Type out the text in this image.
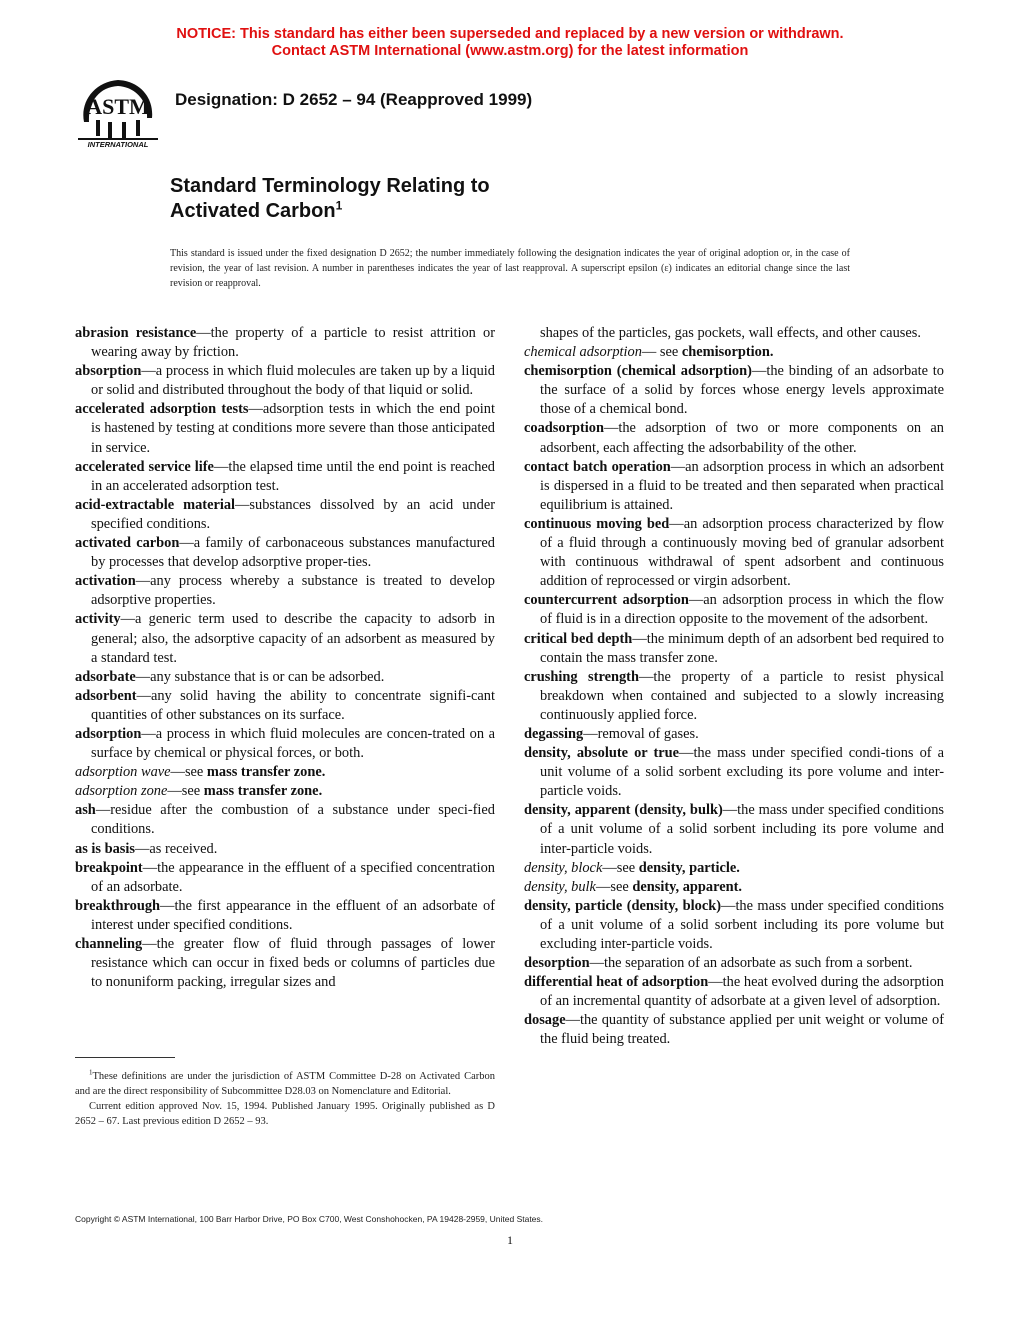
NOTICE: This standard has either been superseded and replaced by a new version or withdrawn.
Contact ASTM International (www.astm.org) for the latest information
ASTM
INTERNATIONAL
Designation: D 2652 – 94 (Reapproved 1999)
Standard Terminology Relating to
Activated Carbon$^1$
This standard is issued under the fixed designation D 2652; the number immediately following the designation indicates the year of original adoption or, in the case of revision, the year of last revision. A number in parentheses indicates the year of last reapproval. A superscript epsilon (ε) indicates an editorial change since the last revision or reapproval.
abrasion resistance—the property of a particle to resist attrition or wearing away by friction.
absorption—a process in which fluid molecules are taken up by a liquid or solid and distributed throughout the body of that liquid or solid.
accelerated adsorption tests—adsorption tests in which the end point is hastened by testing at conditions more severe than those anticipated in service.
accelerated service life—the elapsed time until the end point is reached in an accelerated adsorption test.
acid-extractable material—substances dissolved by an acid under specified conditions.
activated carbon—a family of carbonaceous substances manufactured by processes that develop adsorptive proper-ties.
activation—any process whereby a substance is treated to develop adsorptive properties.
activity—a generic term used to describe the capacity to adsorb in general; also, the adsorptive capacity of an adsorbent as measured by a standard test.
adsorbate—any substance that is or can be adsorbed.
adsorbent—any solid having the ability to concentrate signifi-cant quantities of other substances on its surface.
adsorption—a process in which fluid molecules are concen-trated on a surface by chemical or physical forces, or both.
adsorption wave—see mass transfer zone.
adsorption zone—see mass transfer zone.
ash—residue after the combustion of a substance under speci-fied conditions.
as is basis—as received.
breakpoint—the appearance in the effluent of a specified concentration of an adsorbate.
breakthrough—the first appearance in the effluent of an adsorbate of interest under specified conditions.
channeling—the greater flow of fluid through passages of lower resistance which can occur in fixed beds or columns of particles due to nonuniform packing, irregular sizes and
shapes of the particles, gas pockets, wall effects, and other causes.
chemical adsorption— see chemisorption.
chemisorption (chemical adsorption)—the binding of an adsorbate to the surface of a solid by forces whose energy levels approximate those of a chemical bond.
coadsorption—the adsorption of two or more components on an adsorbent, each affecting the adsorbability of the other.
contact batch operation—an adsorption process in which an adsorbent is dispersed in a fluid to be treated and then separated when practical equilibrium is attained.
continuous moving bed—an adsorption process characterized by flow of a fluid through a continuously moving bed of granular adsorbent with continuous withdrawal of spent adsorbent and continuous addition of reprocessed or virgin adsorbent.
countercurrent adsorption—an adsorption process in which the flow of fluid is in a direction opposite to the movement of the adsorbent.
critical bed depth—the minimum depth of an adsorbent bed required to contain the mass transfer zone.
crushing strength—the property of a particle to resist physical breakdown when contained and subjected to a slowly increasing continuously applied force.
degassing—removal of gases.
density, absolute or true—the mass under specified condi-tions of a unit volume of a solid sorbent excluding its pore volume and inter-particle voids.
density, apparent (density, bulk)—the mass under specified conditions of a unit volume of a solid sorbent including its pore volume and inter-particle voids.
density, block—see density, particle.
density, bulk—see density, apparent.
density, particle (density, block)—the mass under specified conditions of a unit volume of a solid sorbent including its pore volume but excluding inter-particle voids.
desorption—the separation of an adsorbate as such from a sorbent.
differential heat of adsorption—the heat evolved during the adsorption of an incremental quantity of adsorbate at a given level of adsorption.
dosage—the quantity of substance applied per unit weight or volume of the fluid being treated.

$^1$These definitions are under the jurisdiction of ASTM Committee D-28 on Activated Carbon and are the direct responsibility of Subcommittee D28.03 on Nomenclature and Editorial.

Current edition approved Nov. 15, 1994. Published January 1995. Originally published as D 2652 – 67. Last previous edition D 2652 – 93.

Copyright © ASTM International, 100 Barr Harbor Drive, PO Box C700, West Conshohocken, PA 19428-2959, United States.
1
